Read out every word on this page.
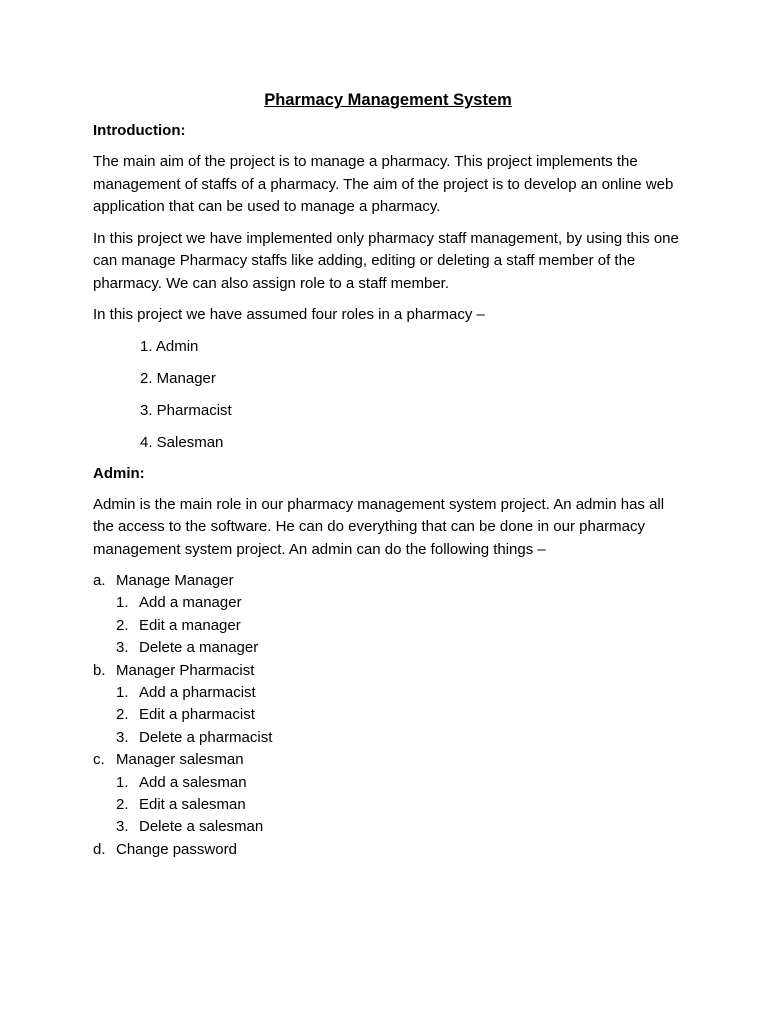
Pharmacy Management System
Introduction:

The main aim of the project is to manage a pharmacy. This project implements the management of staffs of a pharmacy. The aim of the project is to develop an online web application that can be used to manage a pharmacy.

In this project we have implemented only pharmacy staff management, by using this one can manage Pharmacy staffs like adding, editing or deleting a staff member of the pharmacy. We can also assign role to a staff member.

In this project we have assumed four roles in a pharmacy –

1. Admin
2. Manager
3. Pharmacist
4. Salesman
Admin:

Admin is the main role in our pharmacy management system project. An admin has all the access to the software. He can do everything that can be done in our pharmacy management system project. An admin can do the following things –

a. Manage Manager
1. Add a manager
2. Edit a manager
3. Delete a manager
b. Manager Pharmacist
1. Add a pharmacist
2. Edit a pharmacist
3. Delete a pharmacist
c. Manager salesman
1. Add a salesman
2. Edit a salesman
3. Delete a salesman
d. Change password
